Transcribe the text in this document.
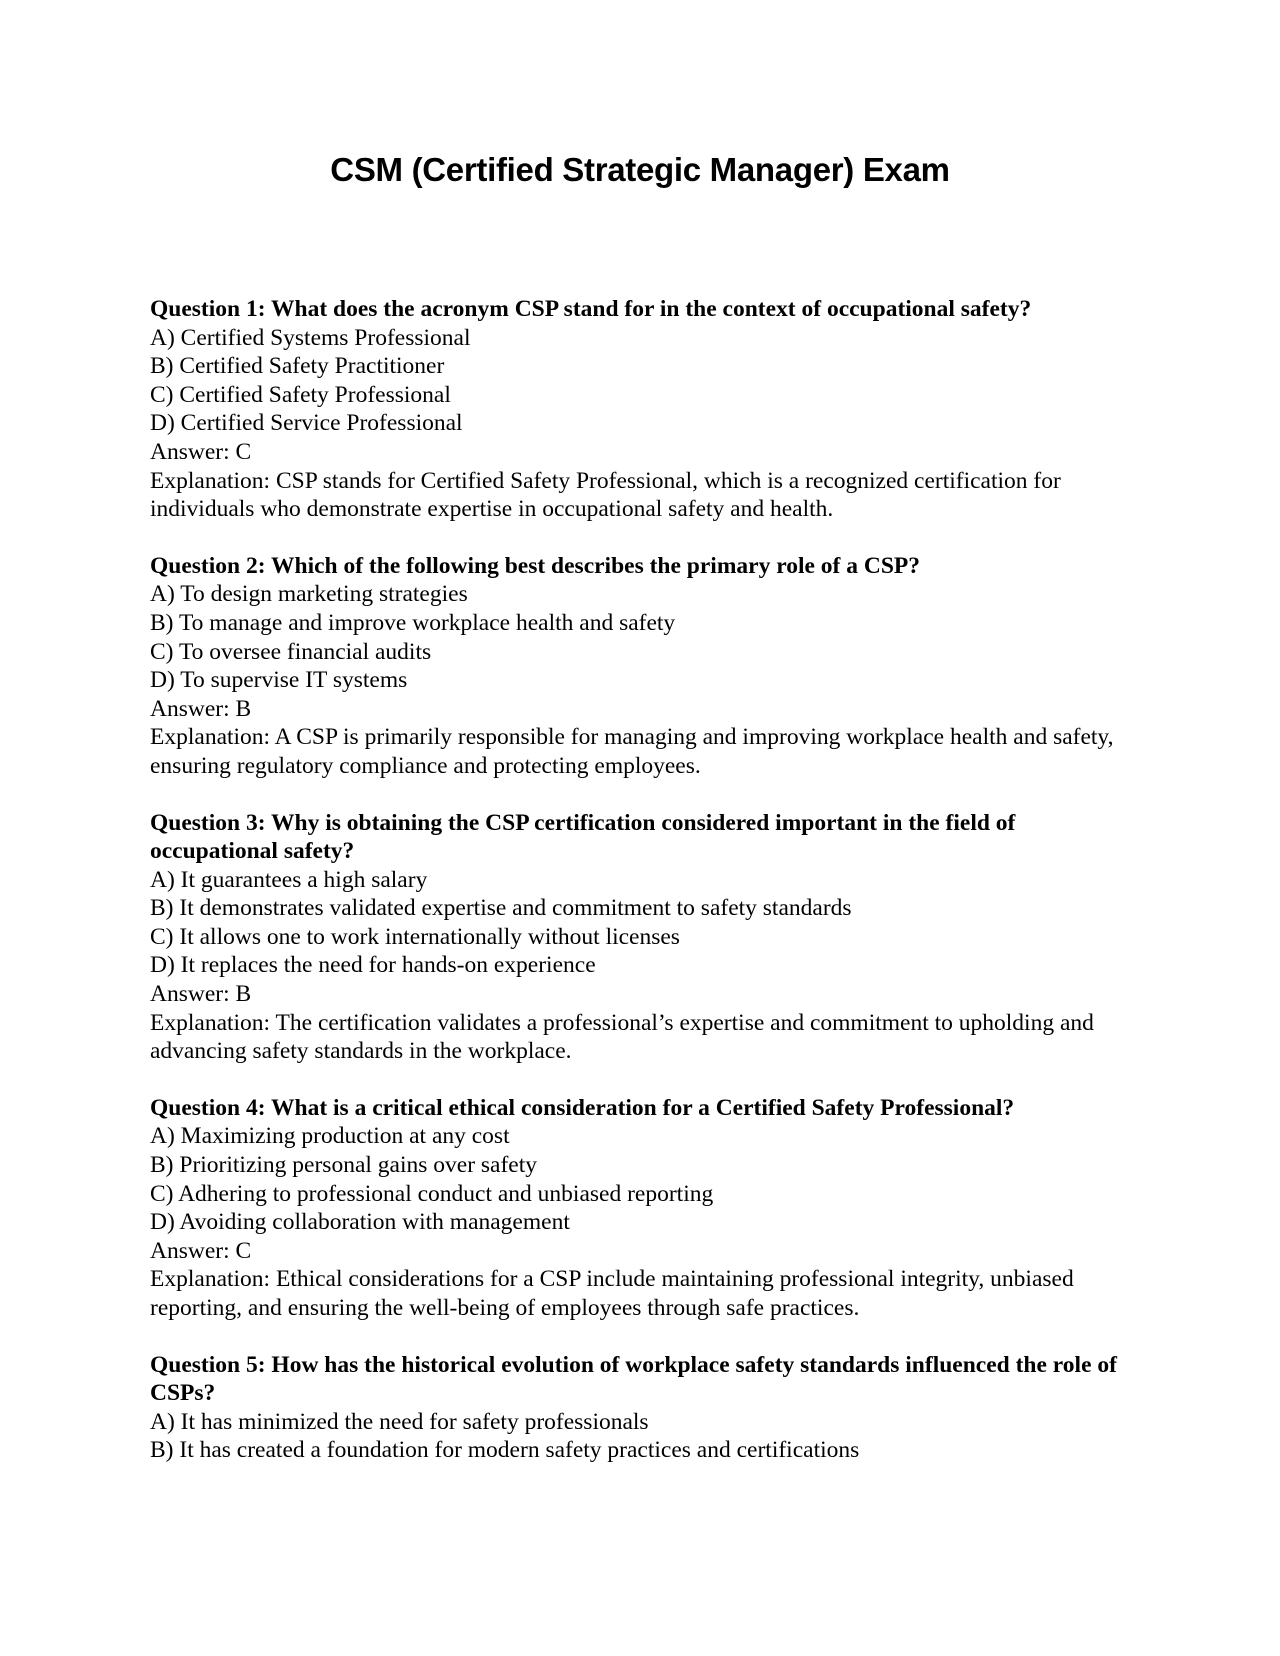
CSM (Certified Strategic Manager) Exam

Question 1: What does the acronym CSP stand for in the context of occupational safety?

A) Certified Systems Professional

B) Certified Safety Practitioner

C) Certified Safety Professional

D) Certified Service Professional

Answer: C

Explanation: CSP stands for Certified Safety Professional, which is a recognized certification for individuals who demonstrate expertise in occupational safety and health.

Question 2: Which of the following best describes the primary role of a CSP?

A) To design marketing strategies

B) To manage and improve workplace health and safety

C) To oversee financial audits

D) To supervise IT systems

Answer: B

Explanation: A CSP is primarily responsible for managing and improving workplace health and safety, ensuring regulatory compliance and protecting employees.

Question 3: Why is obtaining the CSP certification considered important in the field of occupational safety?

A) It guarantees a high salary

B) It demonstrates validated expertise and commitment to safety standards

C) It allows one to work internationally without licenses

D) It replaces the need for hands-on experience

Answer: B

Explanation: The certification validates a professional’s expertise and commitment to upholding and advancing safety standards in the workplace.

Question 4: What is a critical ethical consideration for a Certified Safety Professional?

A) Maximizing production at any cost

B) Prioritizing personal gains over safety

C) Adhering to professional conduct and unbiased reporting

D) Avoiding collaboration with management

Answer: C

Explanation: Ethical considerations for a CSP include maintaining professional integrity, unbiased reporting, and ensuring the well-being of employees through safe practices.

Question 5: How has the historical evolution of workplace safety standards influenced the role of CSPs?

A) It has minimized the need for safety professionals

B) It has created a foundation for modern safety practices and certifications
